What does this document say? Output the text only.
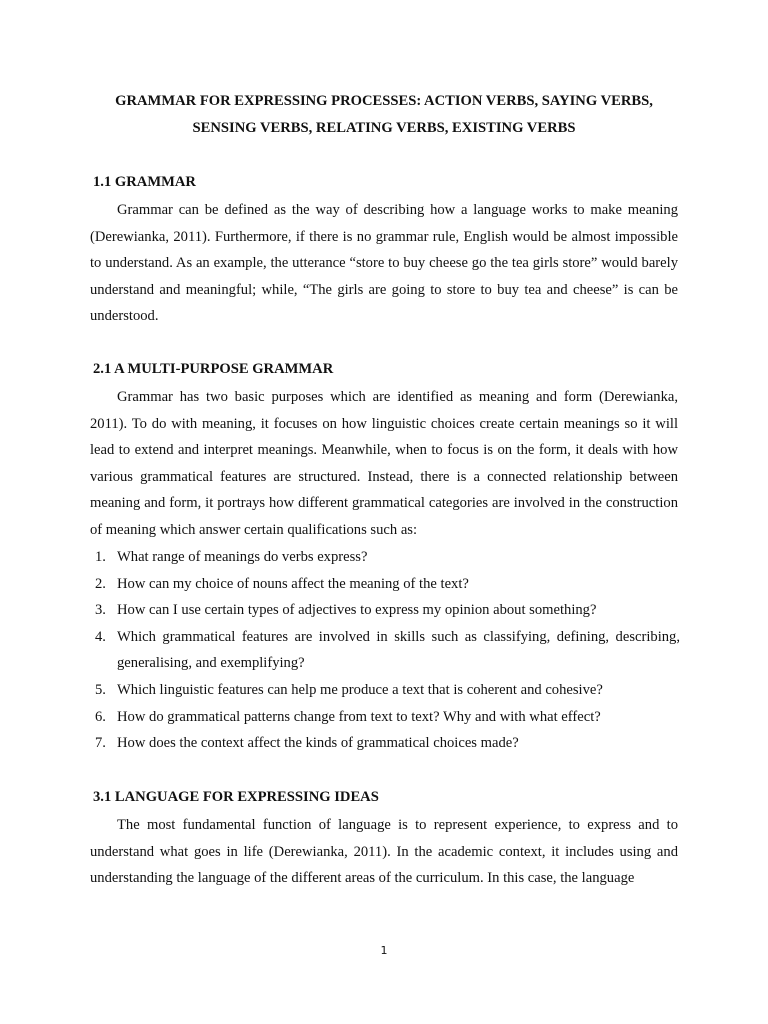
GRAMMAR FOR EXPRESSING PROCESSES: ACTION VERBS, SAYING VERBS,
SENSING VERBS, RELATING VERBS, EXISTING VERBS
1.1 GRAMMAR
Grammar can be defined as the way of describing how a language works to make meaning (Derewianka, 2011). Furthermore, if there is no grammar rule, English would be almost impossible to understand. As an example, the utterance “store to buy cheese go the tea girls store” would barely understand and meaningful; while, “The girls are going to store to buy tea and cheese” is can be understood.
2.1 A MULTI-PURPOSE GRAMMAR
Grammar has two basic purposes which are identified as meaning and form (Derewianka, 2011). To do with meaning, it focuses on how linguistic choices create certain meanings so it will lead to extend and interpret meanings. Meanwhile, when to focus is on the form, it deals with how various grammatical features are structured. Instead, there is a connected relationship between meaning and form, it portrays how different grammatical categories are involved in the construction of meaning which answer certain qualifications such as:
1. What range of meanings do verbs express?
2. How can my choice of nouns affect the meaning of the text?
3. How can I use certain types of adjectives to express my opinion about something?
4. Which grammatical features are involved in skills such as classifying, defining, describing, generalising, and exemplifying?
5. Which linguistic features can help me produce a text that is coherent and cohesive?
6. How do grammatical patterns change from text to text? Why and with what effect?
7. How does the context affect the kinds of grammatical choices made?
3.1 LANGUAGE FOR EXPRESSING IDEAS
The most fundamental function of language is to represent experience, to express and to understand what goes in life (Derewianka, 2011). In the academic context, it includes using and understanding the language of the different areas of the curriculum. In this case, the language
1
